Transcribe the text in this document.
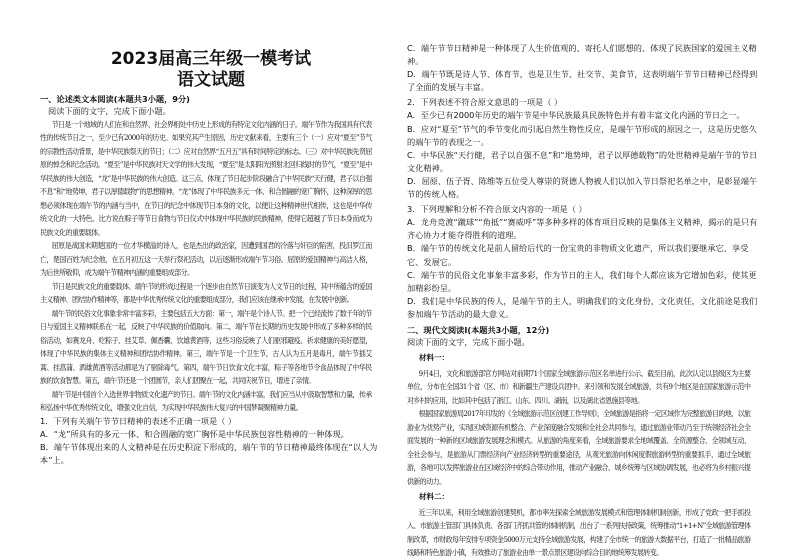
2023届高三年级一模考试
语文试题
一、论述类文本阅读(本题共3小题，9分)
阅读下面的文字，完成下面小题。

节日是一个地域的人们在和自然界、社会界相处中历史上形成的有特定文化内涵的日子。端午节作为我国具有代表性的传统节日之一，至少已有2000年的历史。如果究其产生原因，历史文献来看，主要有三个（一）应对“夏至”节气的宗教性活动背景，是中华民族祭天的节日；（二）应对自然界“五月五”具有时间特定的标志。（三）对中华民族先贤屈原的悼念和纪念活动。“夏至”是中华民族对天文学的伟大发现，“夏至”是太阳阳光照射北回归线时的节气，“夏至”是中华民族的伟大创造，“龙”是中华民族的伟大创造。这三点，体现了节日起步阶段融合了中华民族“天行健，君子以自强不息”和“地势坤，君子以厚德载物”的思想精神。“龙”体现了中华民族多元一体、和合圆融的宽广胸怀，这种深厚的思想必须体现在端午节的内涵与当中，在节日的纪念中体现节日本身的文化，以便让这种精神世代相传，这也是中华传统文化的一大特色。比方说在粽子等节日食物与节日仪式中体现中华民族的民族精神，使得它超越了节日本身而成为民族文化的重要载体。

屈原是战国末期楚国的一位才华横溢的诗人，也是杰出的政治家，因遭到国君的冷落与奸臣的陷害，投汨罗江而亡，楚国百姓为纪念他，在五月初五这一天举行祭祀活动，以后逐渐形成端午节习俗。屈原的爱国精神与高洁人格，为后世所敬仰，成为端午节精神内涵的重要组成部分。

节日是民族文化的重要载体。端午节的形成过程是一个逐步由自然节日演变为人文节日的过程，其中所蕴含的爱国主义精神、团结协作精神等，都是中华优秀传统文化的重要组成部分，我们应该在继承中发展，在发展中创新。

端午节的民俗文化事象非常丰富多彩，主要包括五大方面：第一，端午是个诗人节。把一个已经流传了数千年的节日与爱国主义精神联系在一起，反映了中华民族的价值取向。第二，端午节在长期的历史发展中形成了多种多样的民俗活动，如赛龙舟、吃粽子、挂艾草、佩香囊、饮雄黄酒等，这些习俗反映了人们驱邪避疫、祈求健康的美好愿望，体现了中华民族的集体主义精神和团结协作精神。第三，端午节是一个卫生节，古人认为五月是毒月，端午节插艾蒿、挂菖蒲、洒雄黄酒等活动都是为了驱除毒气。第四，端午节日饮食文化丰富，粽子等各地节令食品体现了中华民族的饮食智慧。第五，端午节还是一个团圆节，亲人们团聚在一起，共同庆祝节日，增进了亲情。

端午节是中国首个入选世界非物质文化遗产的节日。端午节的文化内涵丰富，我们应当从中汲取智慧和力量，传承和弘扬中华优秀传统文化，增强文化自信，为实现中华民族伟大复兴的中国梦凝聚精神力量。

1．下列有关端午节节日精神的表述不正确一项是（ ）

A．“龙”所具有的多元一体、和合圆融的宽广胸怀是中华民族包容性精神的一种体现。

B．端午节体现出来的人文精神是在历史积淀下形成的，端午节的节日精神最终体现在“以人为本”上。

C．端午节节日精神是一种体现了人生价值观的、寄托人们愿想的、体现了民族国家的爱国主义精神。

D．端午节既是诗人节、体育节，也是卫生节、社交节、美食节，这表明端午节节日精神已经得到了全面的发展与丰富。

2．下列表述不符合原文意思的一项是（ ）

A．至少已有2000年历史的端午节是中华民族最具民族特色并有着丰富文化内涵的节日之一。

B．应对“夏至”节气的季节变化而引起自然生物性反应，是端午节形成的原因之一，这是历史悠久的端午节的表现之一。

C．中华民族“天行健，君子以自强不息”和“地势坤，君子以厚德载物”的处世精神是端午节的节日文化精神。

D．屈原、伍子胥、陈维等五位受人尊崇的贤德人物被人们以加入节日祭祀名单之中，是彰显端午节的传统人格。

3．下列理解和分析不符合原文内容的一项是（ ）

A．龙舟竞渡“蹴球”“角抵”“赛威呼”等多种多样的体育项目反映的是集体主义精神，揭示的是只有齐心协力才能夺得胜利的道理。

B．端午节的传统文化是前人留给后代的一份宝贵的非物质文化遗产，所以我们要继承它、享受它、发展它。

C．端午节的民俗文化事象丰富多彩，作为节日的主人，我们每个人都应该为它增加色彩，使其更加精彩纷呈。

D．我们是中华民族的传人，是端午节的主人，明确我们的文化身份，文化责任，文化前途是我们参加端午节活动的最大意义。

二、现代文阅读Ⅰ(本题共3小题，12分)
阅读下面的文字，完成下面小题。

材料一：

9月4日，文化和旅游部官方网站对前期71个国家全域旅游示范区名单进行公示。截至目前，此次认定以县级区为主要单位，分布在全国31个省（区、市）和新疆生产建设兵团中。来引领和发展全域旅游，共有9个地区是在国家旅游示范中对乡村的应用，比如其中包括了浙江、山东、四川、湖南，以及湖北省恩施县等地。

根据国家旅游局2017年印发的《全域旅游示范区创建工作导则》，全域旅游是指将一定区域作为完整旅游目的地，以旅游业为优势产业，实现区域资源有机整合、产业深度融合发展和全社会共同参与，通过旅游业带动乃至于统领经济社会全面发展的一种新的区域旅游发展理念和模式。从旅游的角度来看，全域旅游要求全地域覆盖、全资源整合、全领域互动、全社会参与，是旅游从门票经济向产业经济转型的重要途径，从观光旅游向休闲度假旅游转型的重要抓手，通过全域旅游，各地可以发挥旅游业在区域经济中的综合带动作用，推动产业融合、城乡统筹与区域协调发展，也必将为乡村振兴提供新的动力。

材料二：

近三年以来，利用全域旅游创建契机，都市率先探索全域旅游发展模式和管理体制机制创新，形成了党政一把手抓投入、市旅游主管部门具体负责、各部门齐抓共管的体制机制，出台了一系列扶持政策，统筹推动“1+1+N”全域旅游管理体制改革，市财政每年安排专项资金5000万元支持全域旅游发展，构建了全市统一的旅游大数据平台，打造了一批精品旅游线路和特色旅游小镇，有效推动了旅游业由单一景点景区建设向综合目的地统筹发展转变。
